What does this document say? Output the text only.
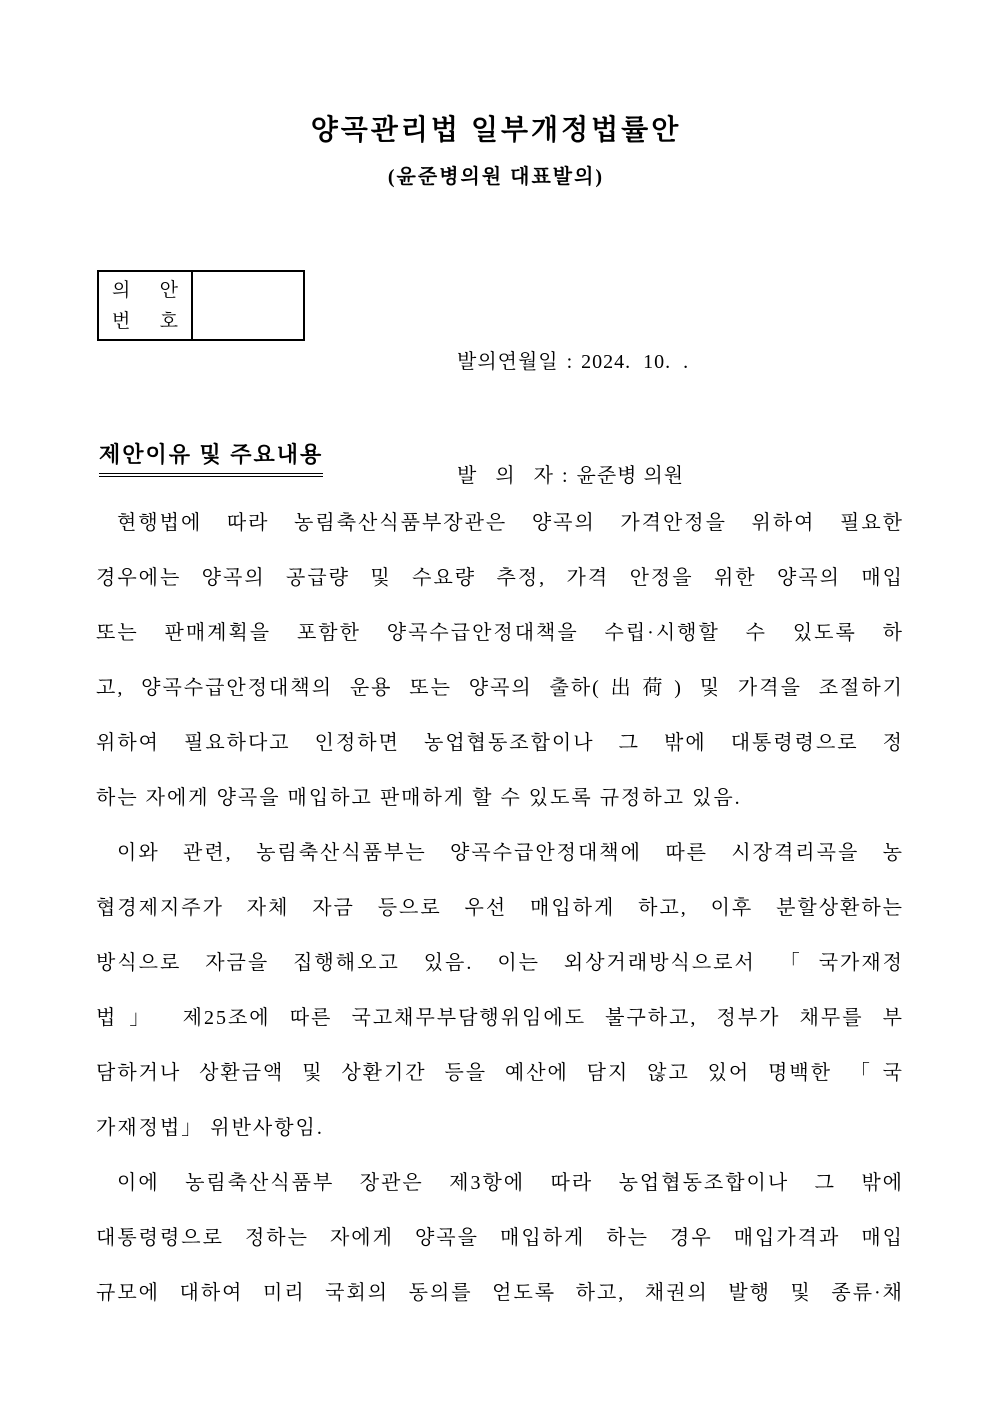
양곡관리법 일부개정법률안
(윤준병의원 대표발의)
의 안
번 호

발의연월일 : 2024.  10.  .

발   의   자 : 윤준병 의원

제안이유 및 주요내용
현행법에 따라 농림축산식품부장관은 양곡의 가격안정을 위하여 필요한
경우에는 양곡의 공급량 및 수요량 추정, 가격 안정을 위한 양곡의 매입
또는 판매계획을 포함한 양곡수급안정대책을 수립·시행할 수 있도록 하
고, 양곡수급안정대책의 운용 또는 양곡의 출하(出荷) 및 가격을 조절하기
위하여 필요하다고 인정하면 농업협동조합이나 그 밖에 대통령령으로 정
하는 자에게 양곡을 매입하고 판매하게 할 수 있도록 규정하고 있음.
이와 관련, 농림축산식품부는 양곡수급안정대책에 따른 시장격리곡을 농
협경제지주가 자체 자금 등으로 우선 매입하게 하고, 이후 분할상환하는
방식으로 자금을 집행해오고 있음. 이는 외상거래방식으로서 「국가재정
법」 제25조에 따른 국고채무부담행위임에도 불구하고, 정부가 채무를 부
담하거나 상환금액 및 상환기간 등을 예산에 담지 않고 있어 명백한 「국
가재정법」 위반사항임.
이에 농림축산식품부 장관은 제3항에 따라 농업협동조합이나 그 밖에
대통령령으로 정하는 자에게 양곡을 매입하게 하는 경우 매입가격과 매입
규모에 대하여 미리 국회의 동의를 얻도록 하고, 채권의 발행 및 종류·채
